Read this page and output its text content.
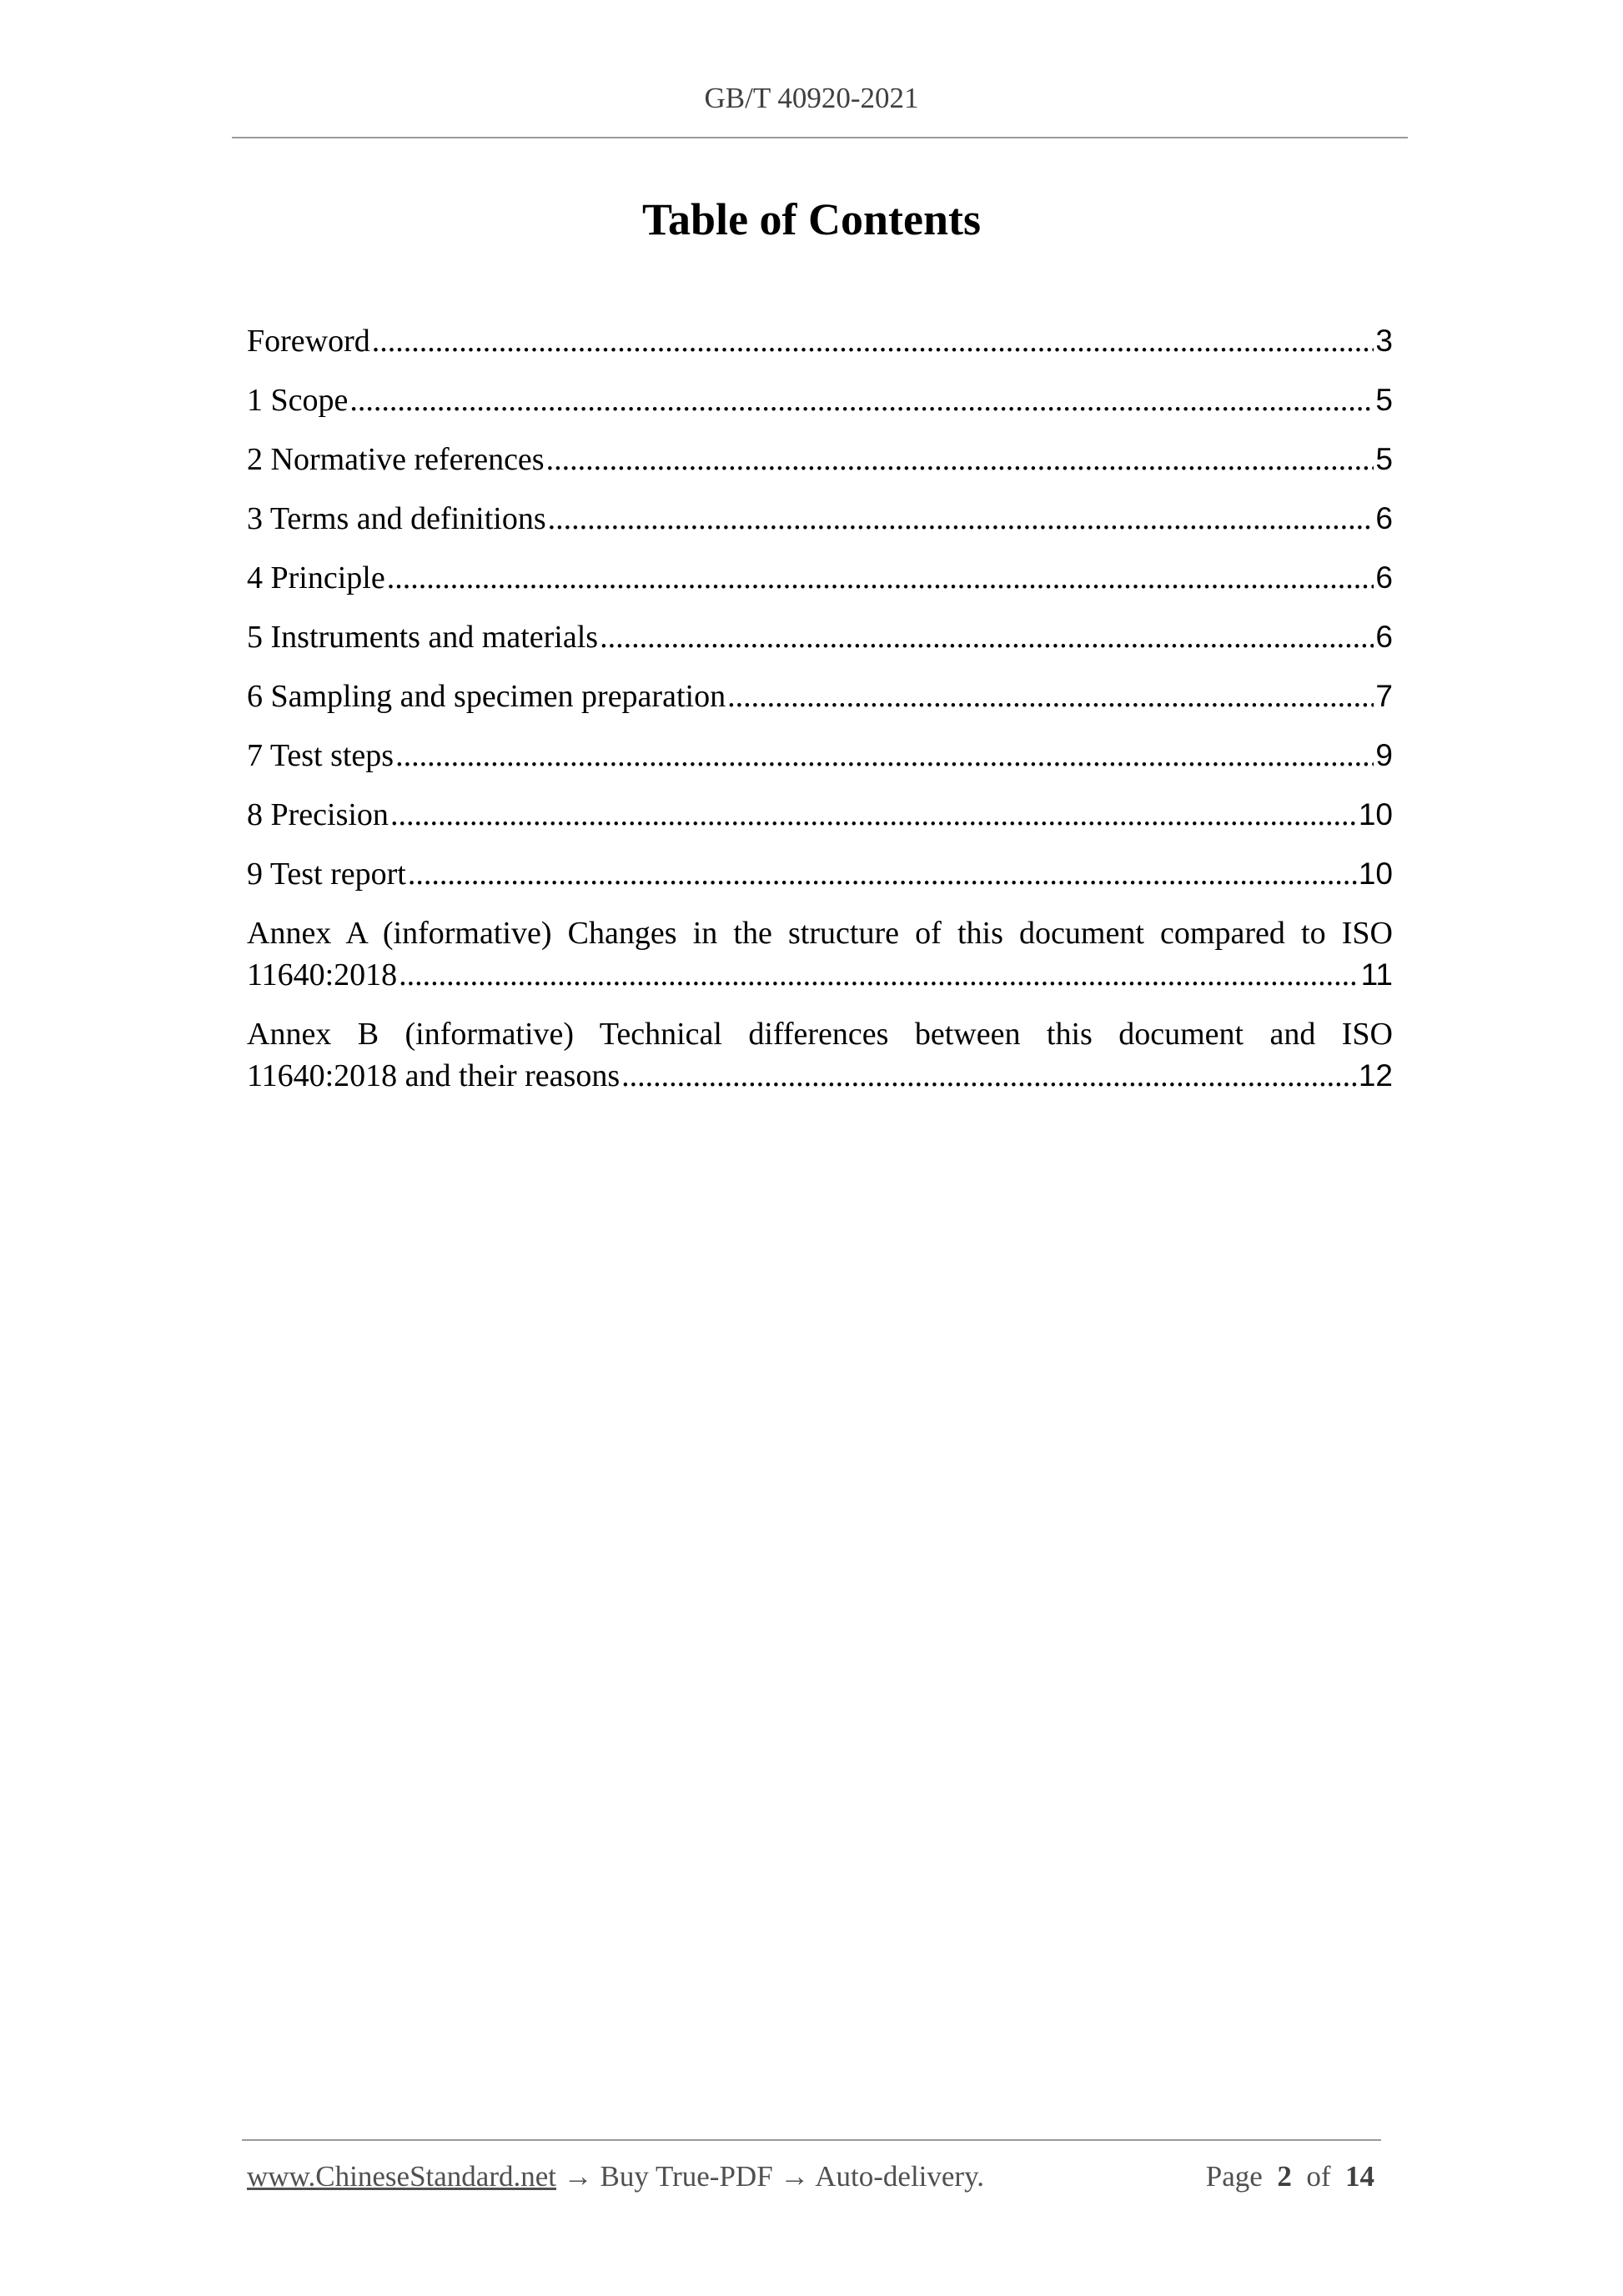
GB/T 40920-2021
Table of Contents
Foreword .....	3
1 Scope .....	5
2 Normative references .....	5
3 Terms and definitions .....	6
4 Principle .....	6
5 Instruments and materials .....	6
6 Sampling and specimen preparation .....	7
7 Test steps .....	9
8 Precision .....	10
9 Test report .....	10
Annex A (informative) Changes in the structure of this document compared to ISO
11640:2018 .....	11
Annex B (informative) Technical differences between this document and ISO
11640:2018 and their reasons .....	12
www.ChineseStandard.net → Buy True-PDF → Auto-delivery.	Page 2 of 14
